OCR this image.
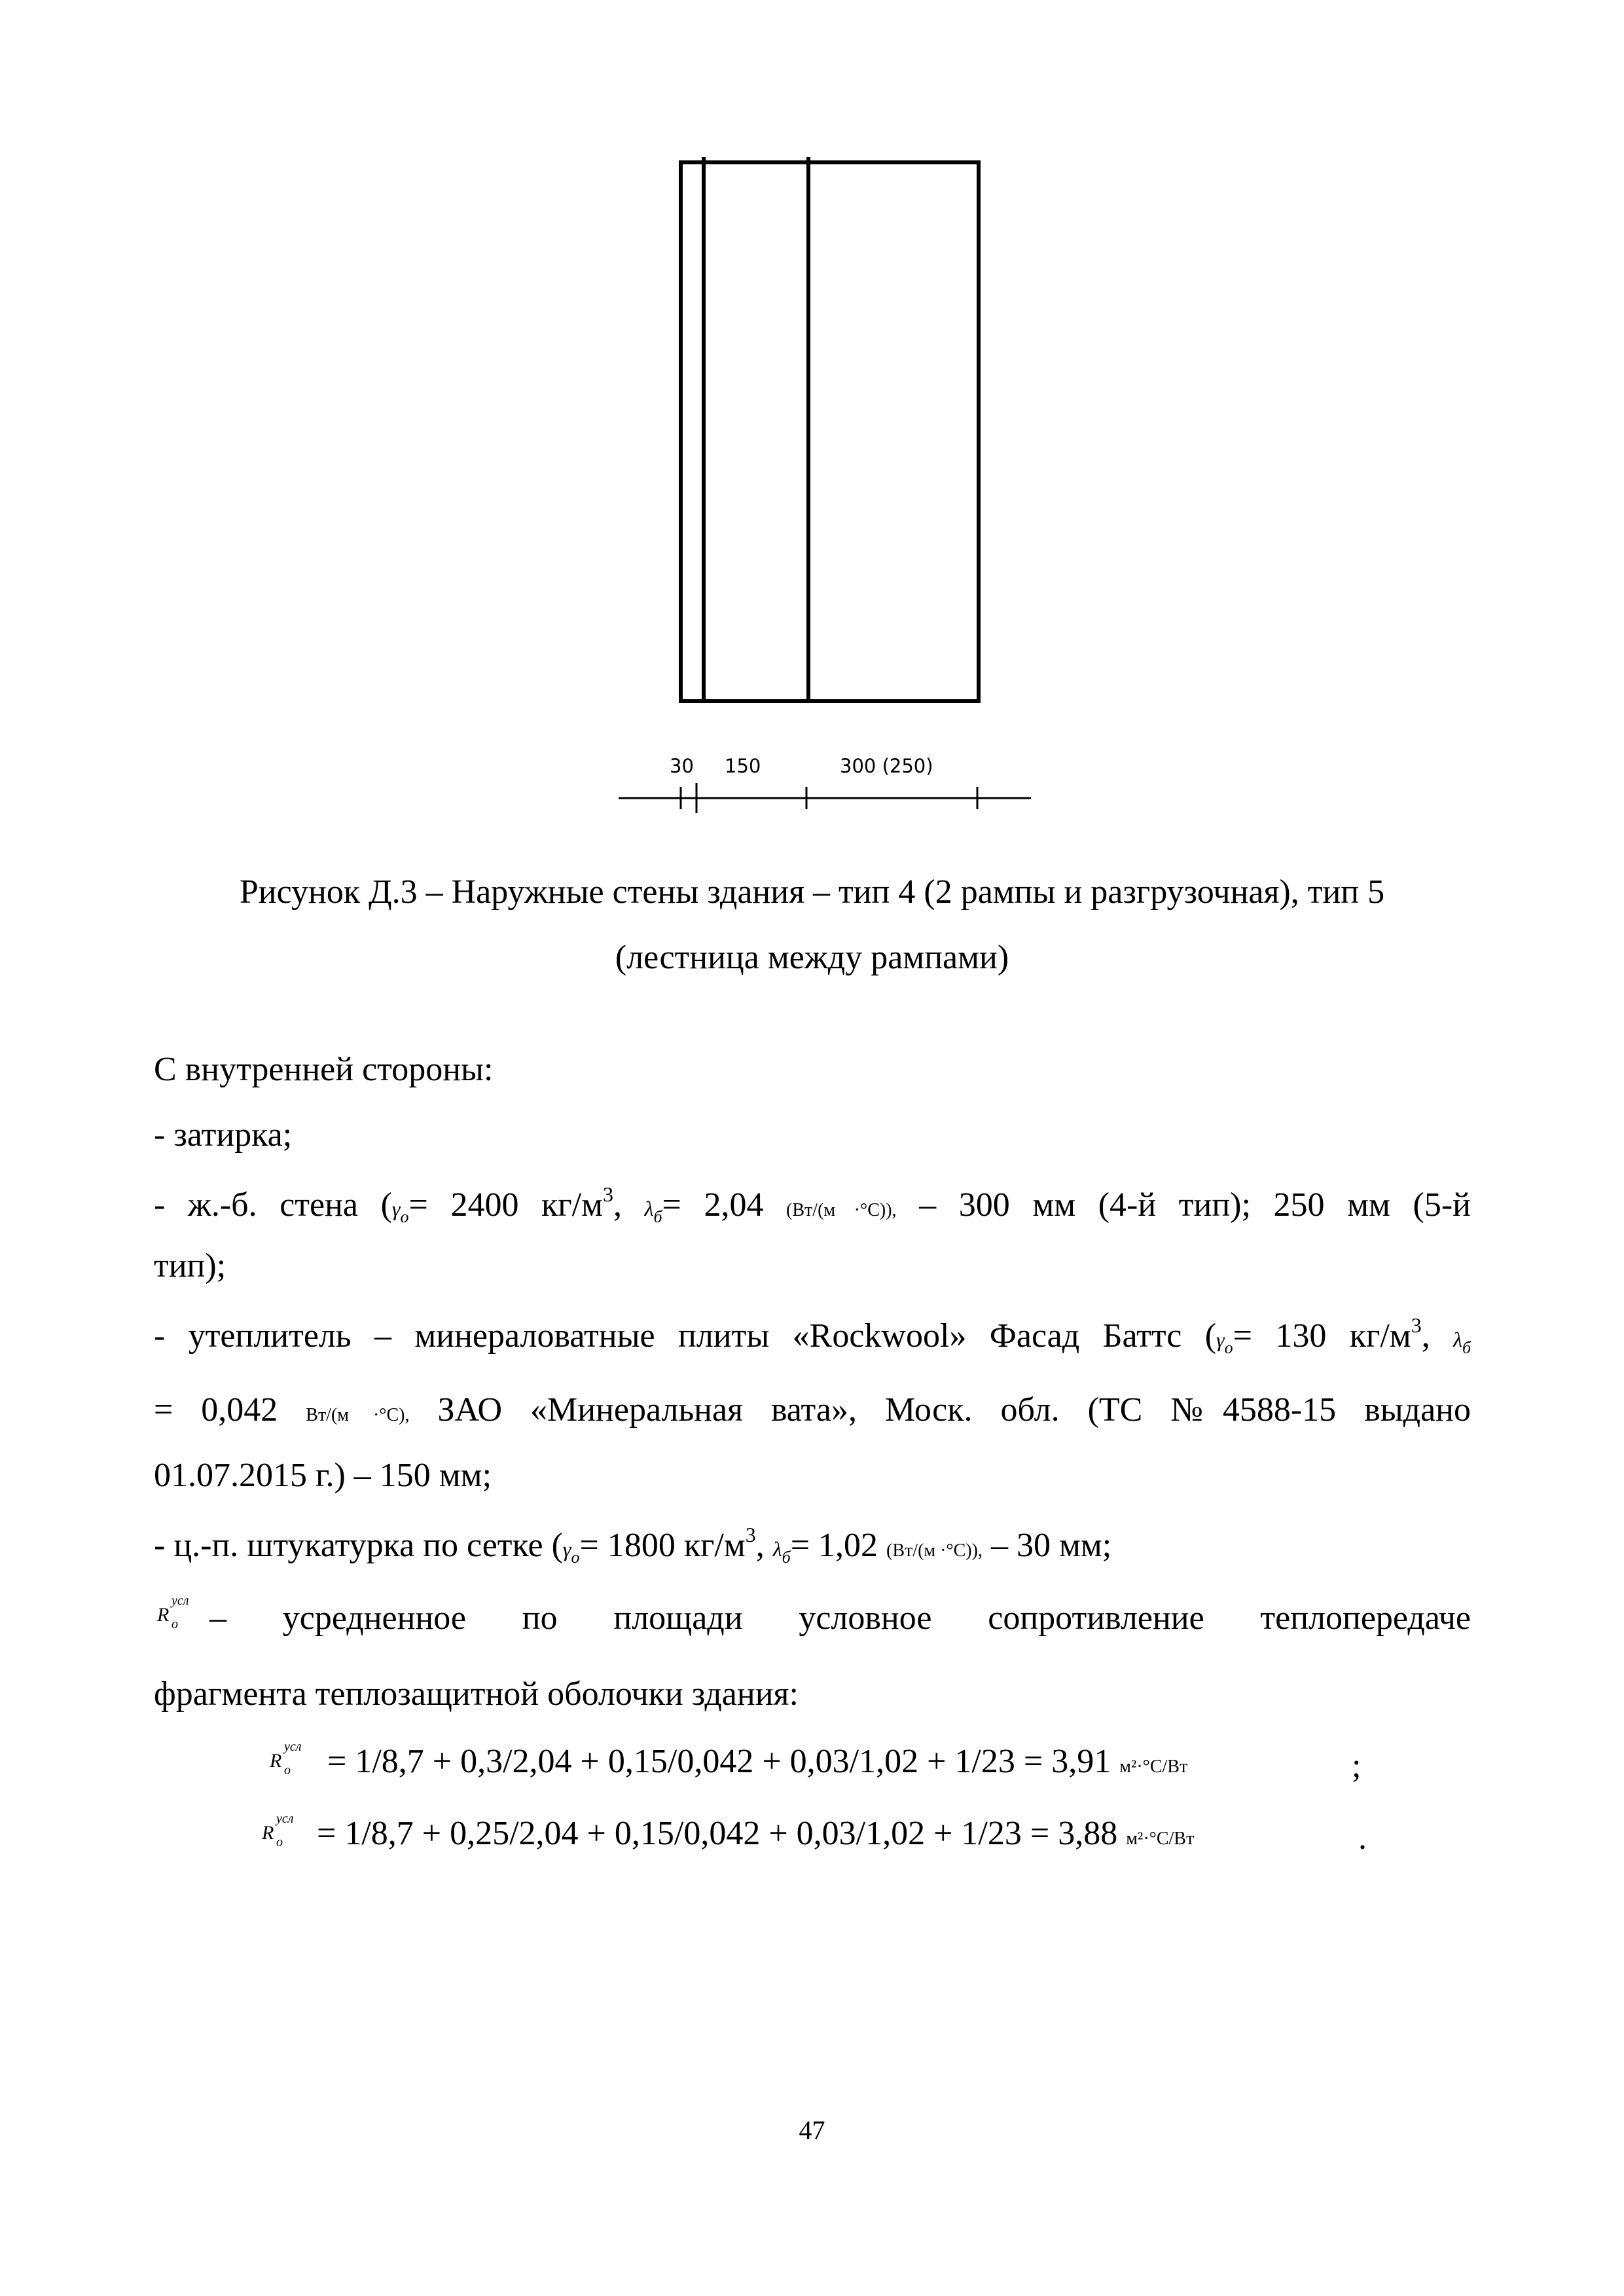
30 150	300 (250)
Рисунок Д.3 – Наружные стены здания – тип 4 (2 рампы и разгрузочная), тип 5
(лестница между рампами)
С внутренней стороны:
- затирка;
- ж.-б. стена ($\gamma_о= 2400$ $кг/м^3$, $\lambda_б= 2,04$ (Вт/(м ·°С)), – 300 мм (4-й тип); 250 мм (5-й
тип);
- утеплитель – минераловатные плиты «Rockwool» Фасад Баттс ($\gamma_о= 130$ $кг/м^3$, $\lambda_б$
= 0,042 Вт/(м ·°С), ЗАО «Минеральная вата», Моск. обл. (ТС №4588-15 выдано
01.07.2015 г.) – 150 мм;
- ц.-п. штукатурка по сетке ($\gamma_о= 1800$ $кг/м^3$, $\lambda_б= 1,02$ (Вт/(м ·°С)), – 30 мм;
R
усл
о – усредненное по площади условное сопротивление теплопередаче
фрагмента теплозащитной оболочки здания:
R
усл
о = 1/8,7 + 0,3/2,04 + 0,15/0,042 + 0,03/1,02 + 1/23 = 3,91 м²·°С/Вт	;
R
усл
о = 1/8,7 + 0,25/2,04 + 0,15/0,042 + 0,03/1,02 + 1/23 = 3,88 м²·°С/Вт	.
47
